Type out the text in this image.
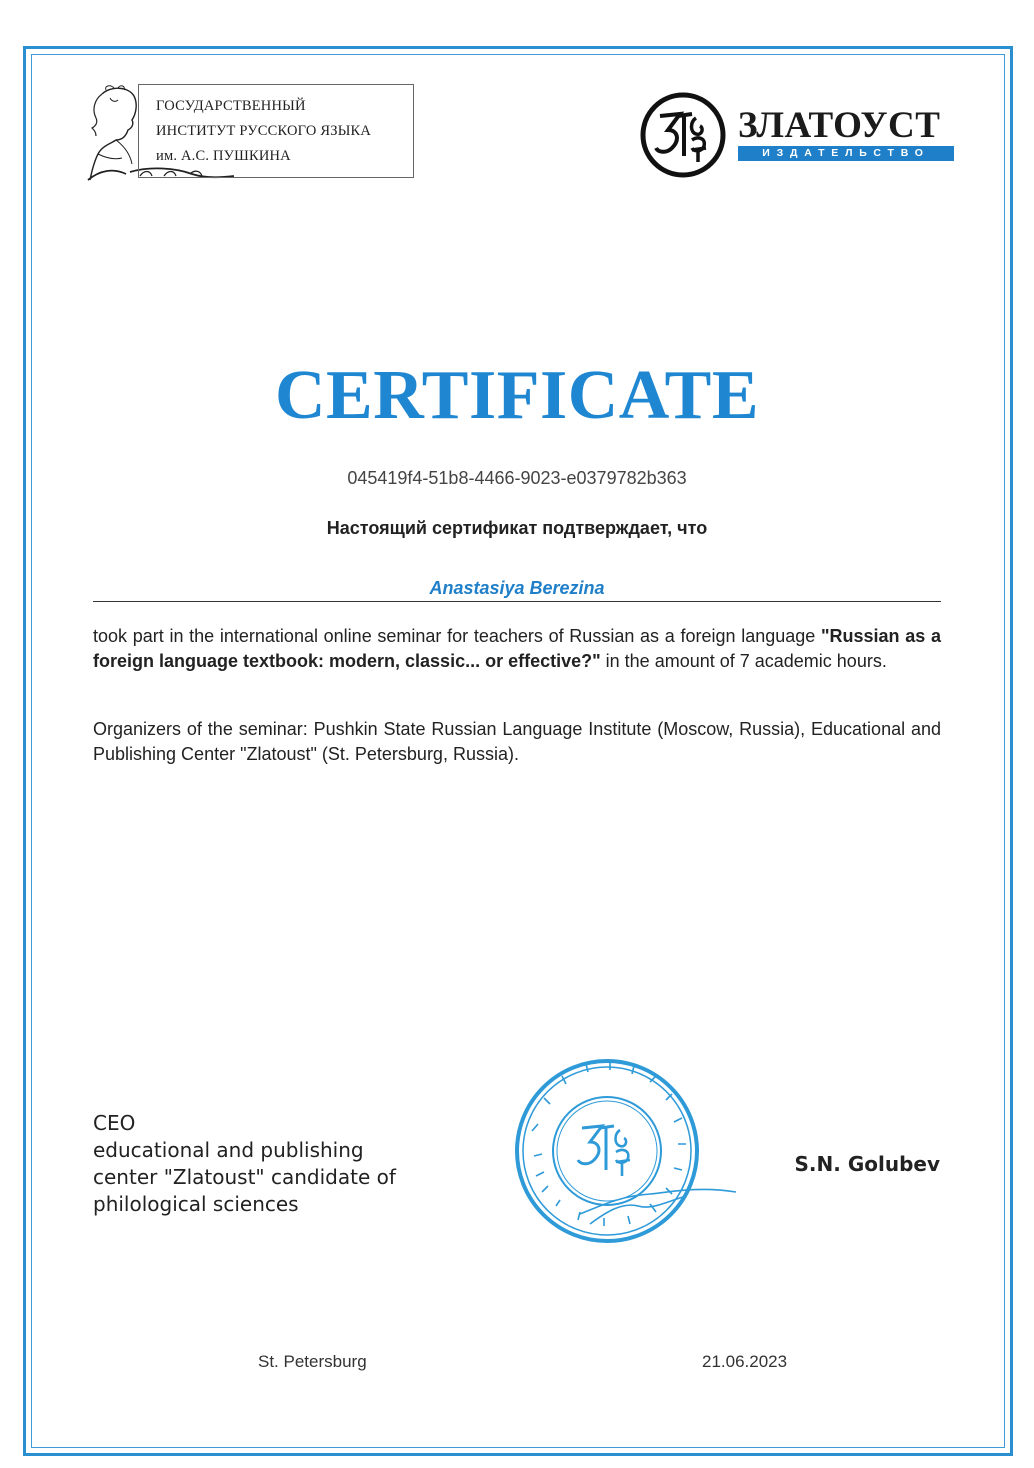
ГОСУДАРСТВЕННЫЙ
ИНСТИТУТ РУССКОГО ЯЗЫКА
им. А.С. ПУШКИНА
ЗЛАТОУСТ
ИЗДАТЕЛЬСТВО
CERTIFICATE
045419f4-51b8-4466-9023-e0379782b363
Настоящий сертификат подтверждает, что
Anastasiya Berezina
took part in the international online seminar for teachers of Russian as a foreign language "Russian as a foreign language textbook: modern, classic... or effective?" in the amount of 7 academic hours.
Organizers of the seminar: Pushkin State Russian Language Institute (Moscow, Russia), Educational and Publishing Center "Zlatoust" (St. Petersburg, Russia).
CEO
educational and publishing
center "Zlatoust" candidate of
philological sciences
S.N. Golubev
St. Petersburg	21.06.2023
